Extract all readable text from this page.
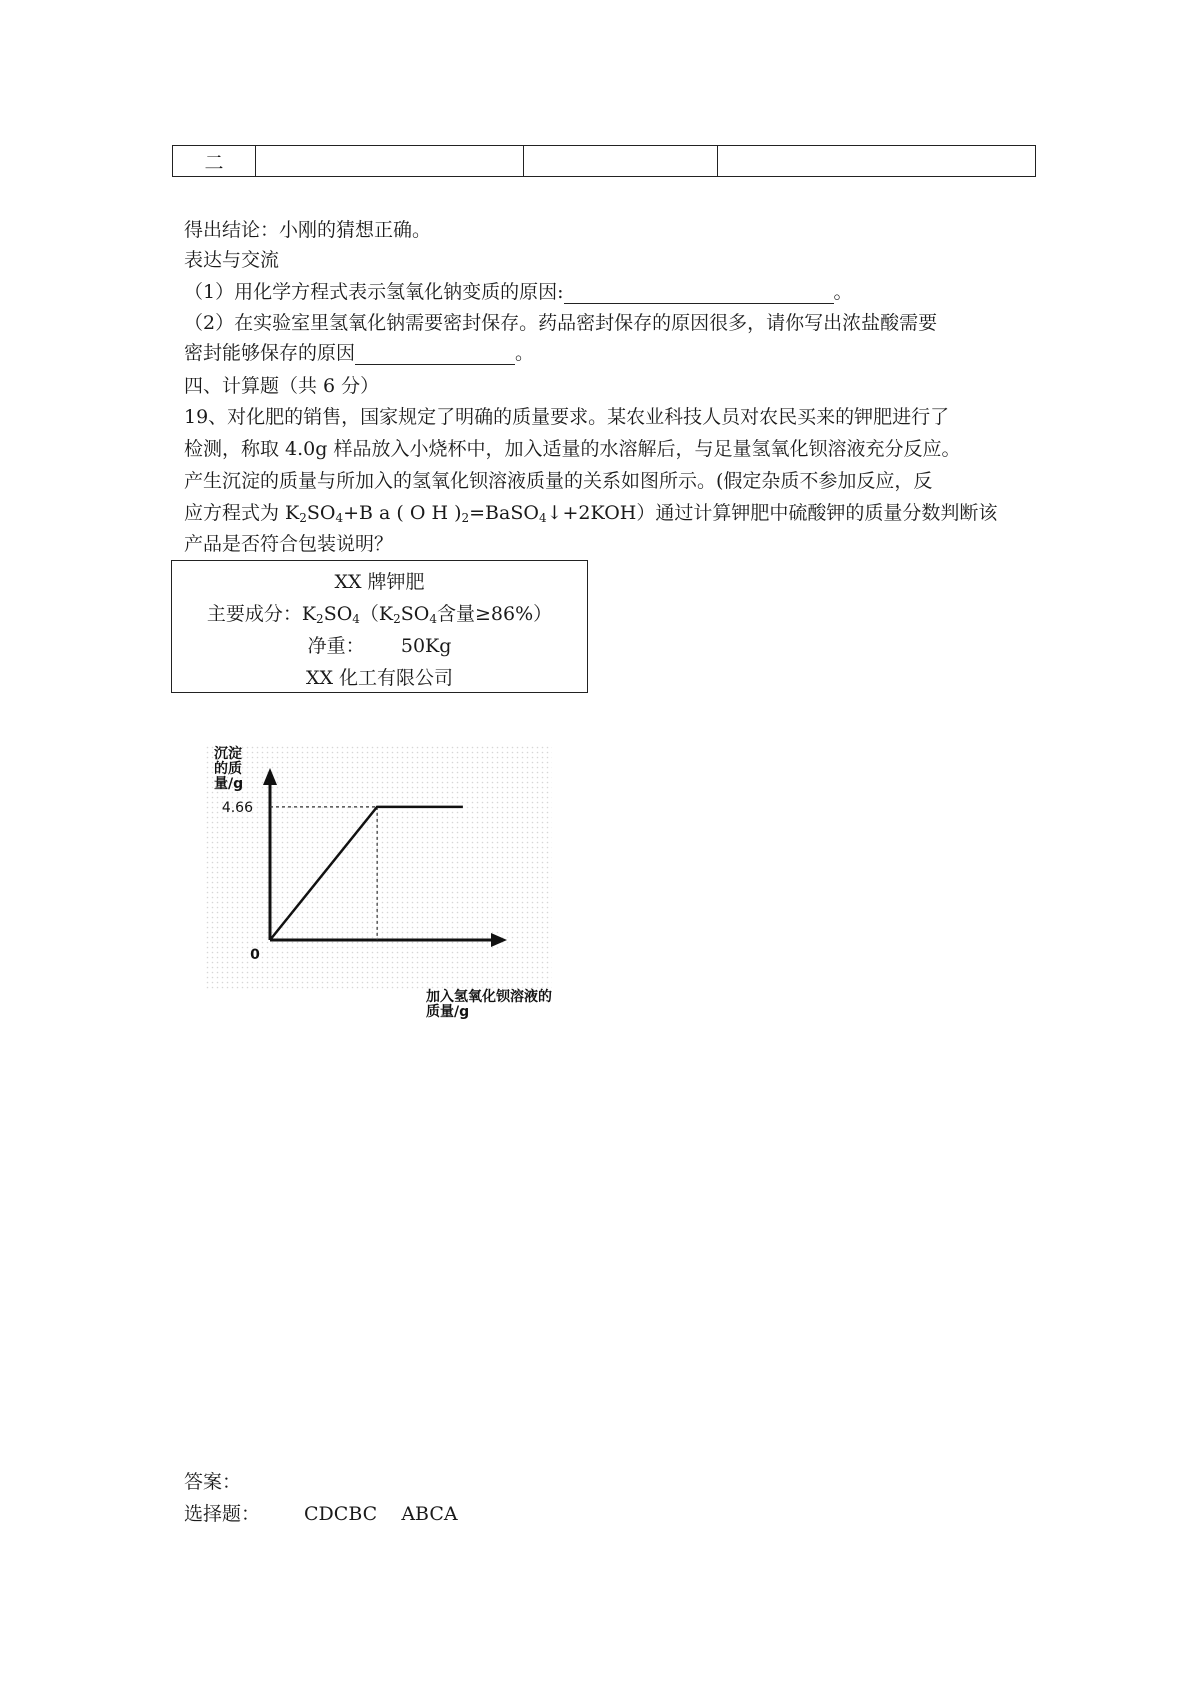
二
得出结论：小刚的猜想正确。
表达与交流
（1）用化学方程式表示氢氧化钠变质的原因:	。
（2）在实验室里氢氧化钠需要密封保存。药品密封保存的原因很多，请你写出浓盐酸需要
密封能够保存的原因	。
四、计算题（共 6 分）
19、对化肥的销售，国家规定了明确的质量要求。某农业科技人员对农民买来的钾肥进行了
检测，称取 4.0g 样品放入小烧杯中，加入适量的水溶解后，与足量氢氧化钡溶液充分反应。
产生沉淀的质量与所加入的氢氧化钡溶液质量的关系如图所示。(假定杂质不参加反应，反
应方程式为 $K_2SO_4+B$ a ( O H )$_2=BaSO_4↓+2KOH$）通过计算钾肥中硫酸钾的质量分数判断该
产品是否符合包装说明？
XX 牌钾肥
主要成分：$K_2SO_4(K_2SO_4$含量≥86%）
净重： 50Kg
XX 化工有限公司
4.66
0
沉淀
的质
量/g
加入氢氧化钡溶液的
质量/g
答案：
选择题： CDCBC    ABCA
